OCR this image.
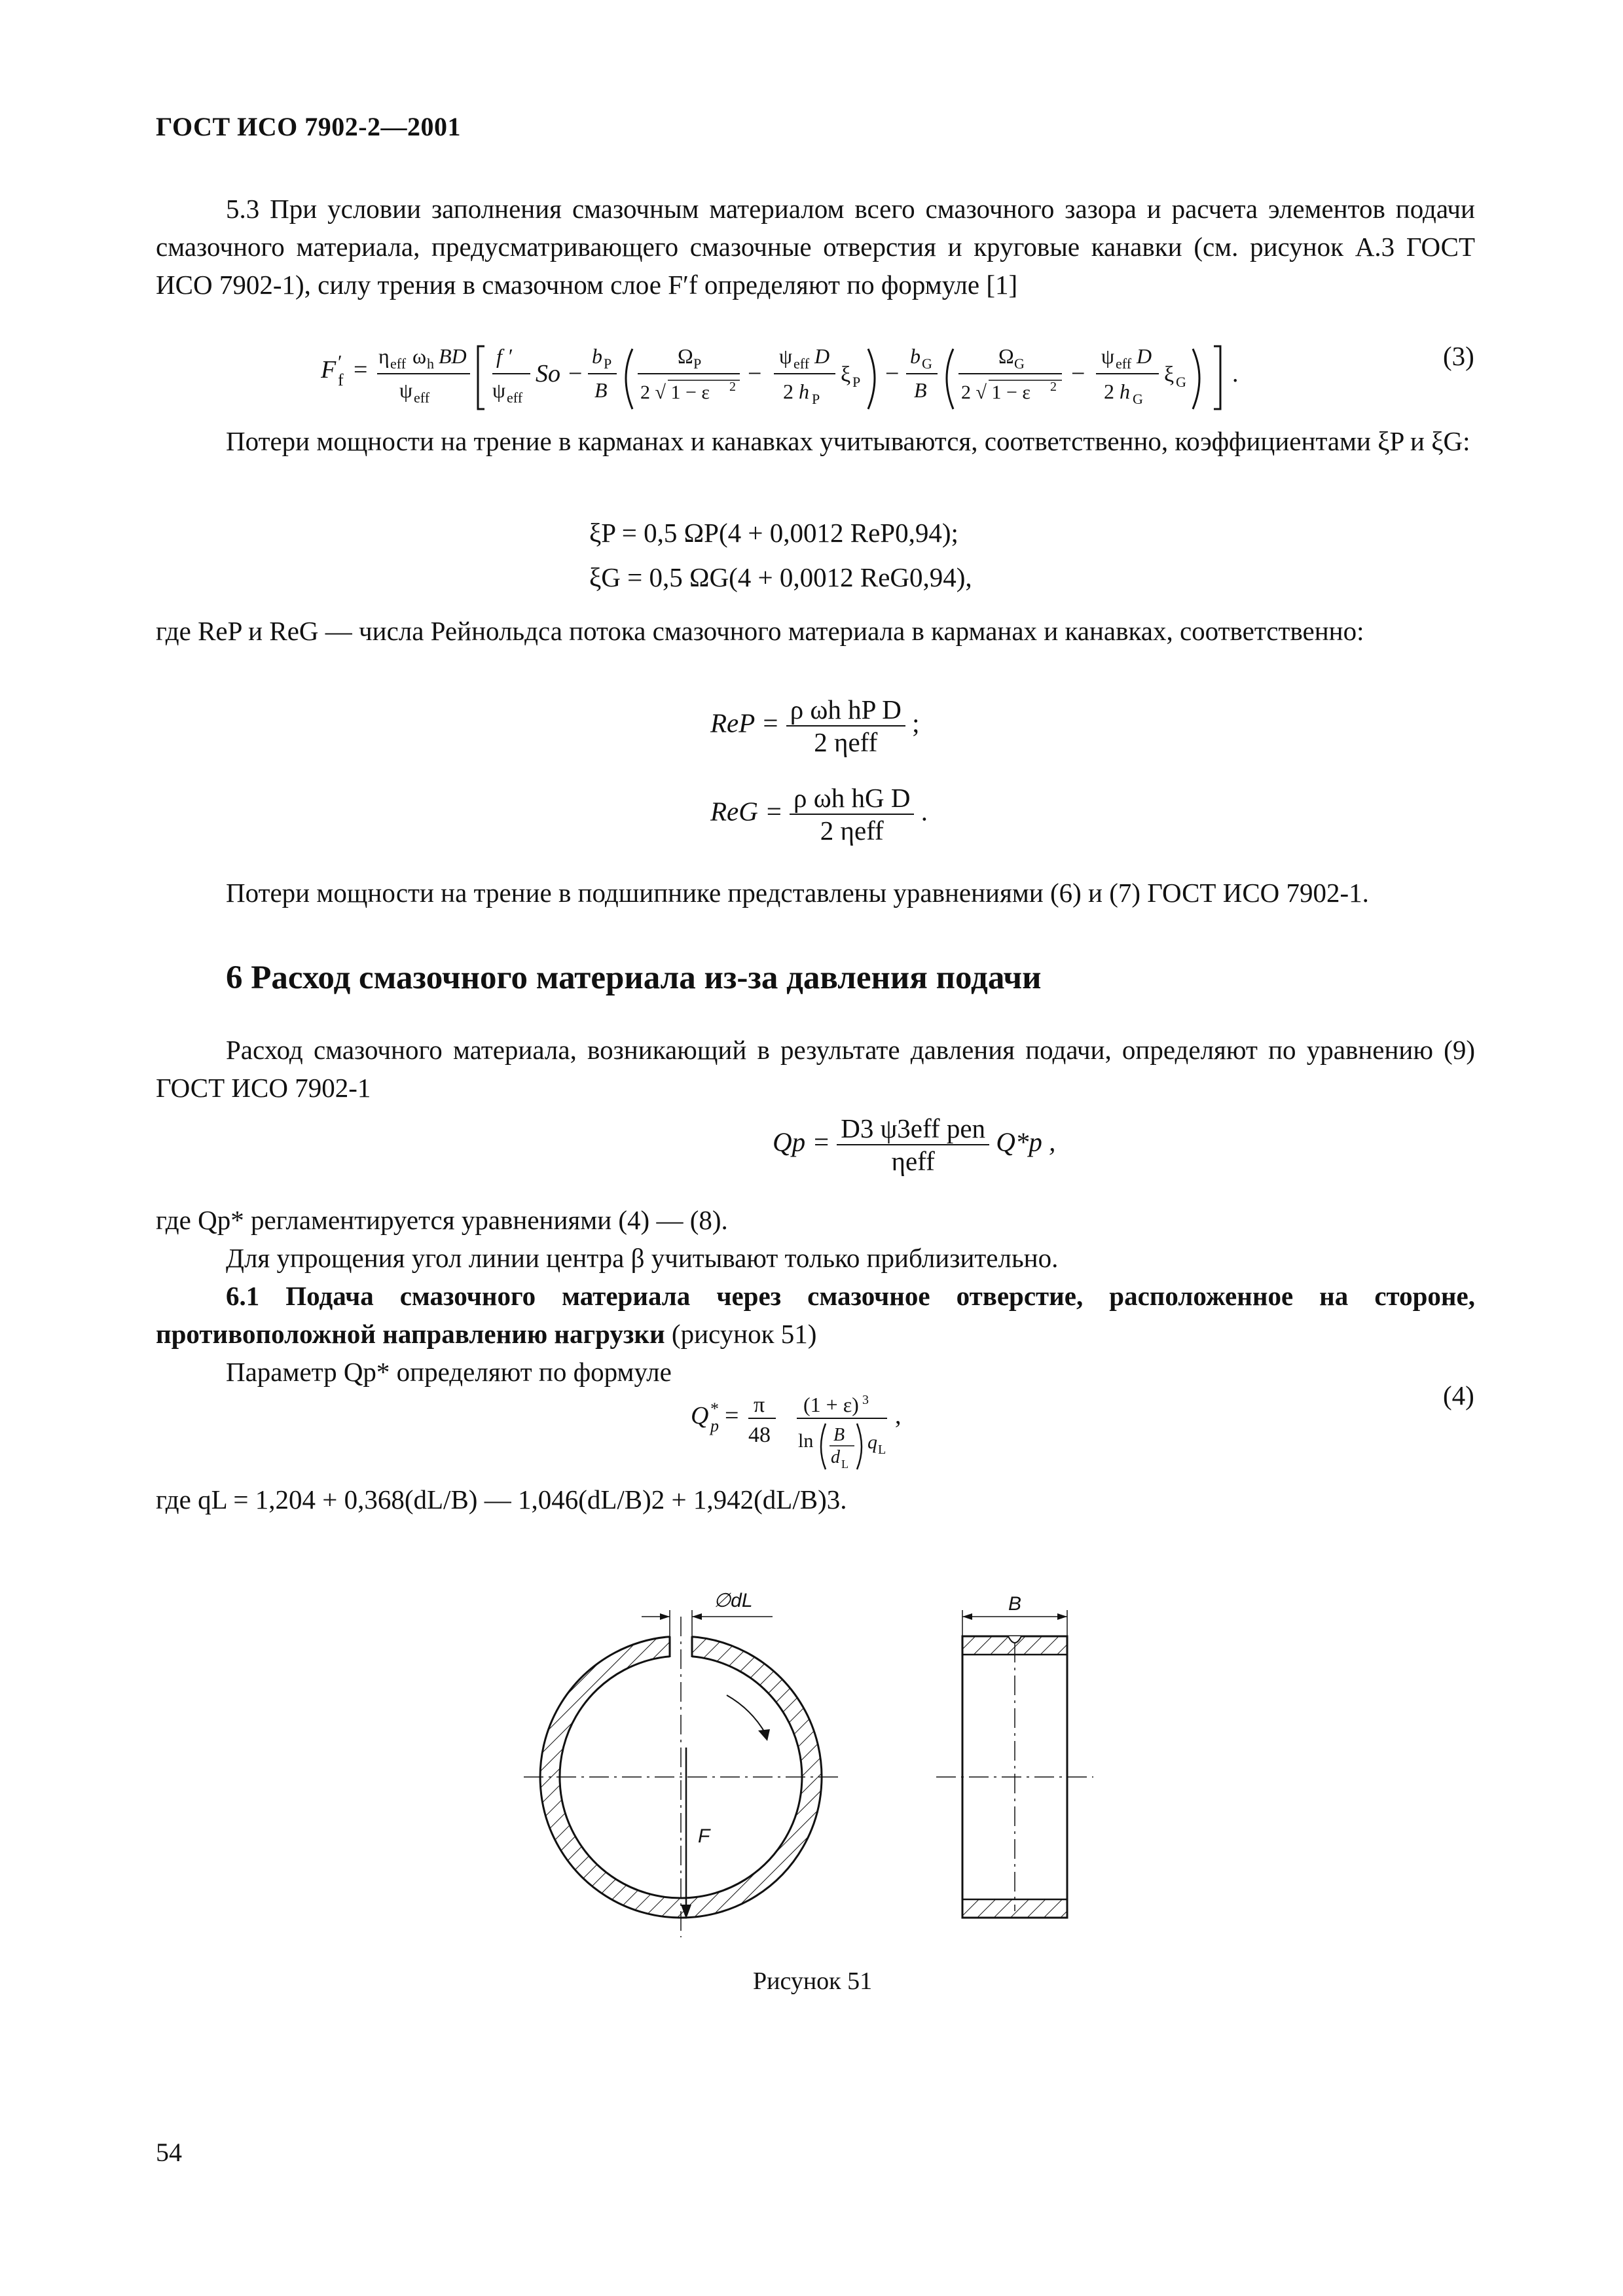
ГОСТ ИСО 7902-2—2001
5.3 При условии заполнения смазочным материалом всего смазочного зазора и расчета элементов подачи смазочного материала, предусматривающего смазочные отверстия и круговые канавки (см. рисунок А.3 ГОСТ ИСО 7902-1), силу трения в смазочном слое F′f определяют по формуле [1]
F f
′ = η eff ω h BD
ψ eff
f ′
ψ eff
So −
b P
B
Ω P
2 √ 1 − ε 2 −
ψ eff D
2 h P
ξ P −
b G
B
Ω G
2 √ 1 − ε 2 −
ψ eff D
2 h G
ξ G .
(3)
Потери мощности на трение в карманах и канавках учитываются, соответственно, коэффициентами ξP и ξG:
ξP = 0,5 ΩP(4 + 0,0012 ReP0,94);
ξG = 0,5 ΩG(4 + 0,0012 ReG0,94),
где ReP и ReG — числа Рейнольдса потока смазочного материала в карманах и канавках, соответственно:
ReP = $\frac{\text{ρ ωh hP D}}{\text{2 ηeff}}$ ;
ReG = $\frac{\text{ρ ωh hG D}}{\text{2 ηeff}}$ .
Потери мощности на трение в подшипнике представлены уравнениями (6) и (7) ГОСТ ИСО 7902-1.
6 Расход смазочного материала из-за давления подачи
Расход смазочного материала, возникающий в результате давления подачи, определяют по уравнению (9) ГОСТ ИСО 7902-1
$Qp = \frac{\text{D3 ψ3eff pen}}{\text{ηeff}} Q*p$ ,
где Qp* регламентируется уравнениями (4) — (8).
Для упрощения угол линии центра β учитывают только приблизительно.
6.1 Подача смазочного материала через смазочное отверстие, расположенное на стороне, противоположной направлению нагрузки (рисунок 51)
Параметр Qp* определяют по формуле
Q *
p = π
48
(1 + ε) 3
ln B
d L
q L
,
(4)
где qL = 1,204 + 0,368(dL/B) — 1,046(dL/B)2 + 1,942(dL/B)3.
∅dL
F
B
Рисунок 51
54
